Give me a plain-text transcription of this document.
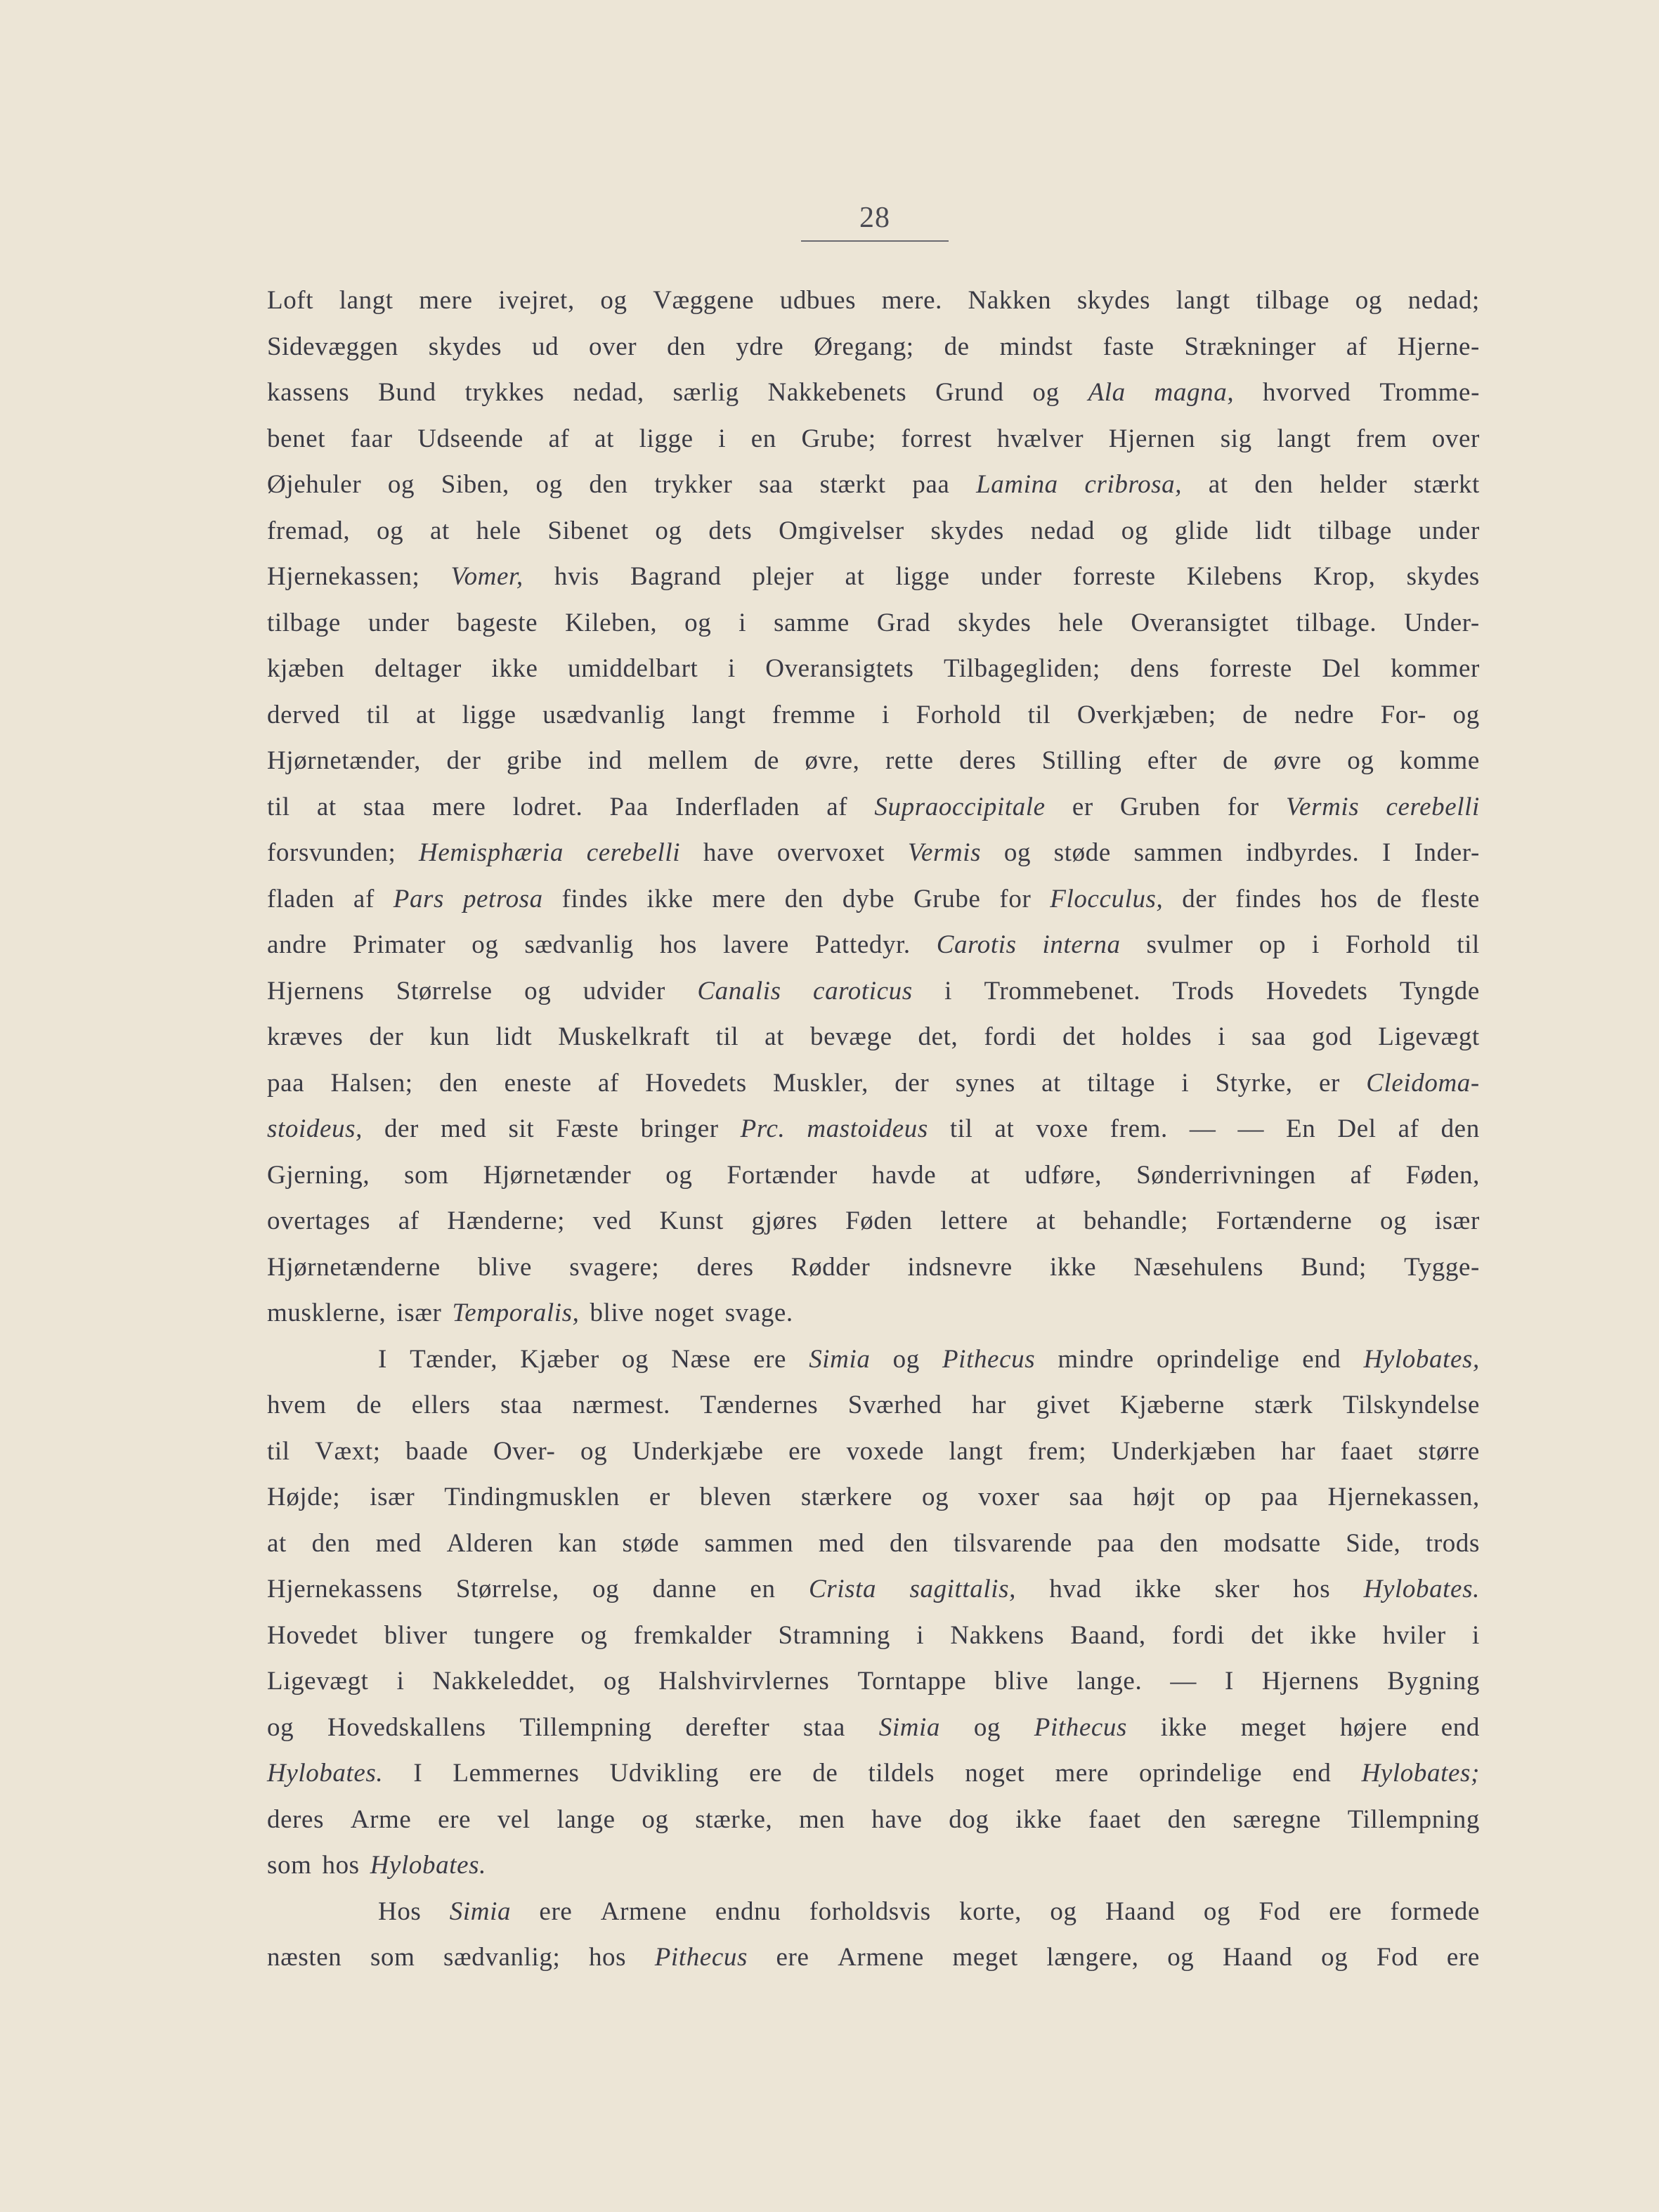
28
Loft langt mere ivejret, og Væggene udbues mere. Nakken skydes langt tilbage og nedad;
Sidevæggen skydes ud over den ydre Øregang; de mindst faste Strækninger af Hjerne-
kassens Bund trykkes nedad, særlig Nakkebenets Grund og Ala magna, hvorved Tromme-
benet faar Udseende af at ligge i en Grube; forrest hvælver Hjernen sig langt frem over
Øjehuler og Siben, og den trykker saa stærkt paa Lamina cribrosa, at den helder stærkt
fremad, og at hele Sibenet og dets Omgivelser skydes nedad og glide lidt tilbage under
Hjernekassen; Vomer, hvis Bagrand plejer at ligge under forreste Kilebens Krop, skydes
tilbage under bageste Kileben, og i samme Grad skydes hele Overansigtet tilbage. Under-
kjæben deltager ikke umiddelbart i Overansigtets Tilbagegliden; dens forreste Del kommer
derved til at ligge usædvanlig langt fremme i Forhold til Overkjæben; de nedre For- og
Hjørnetænder, der gribe ind mellem de øvre, rette deres Stilling efter de øvre og komme
til at staa mere lodret. Paa Inderfladen af Supraoccipitale er Gruben for Vermis cerebelli
forsvunden; Hemisphæria cerebelli have overvoxet Vermis og støde sammen indbyrdes. I Inder-
fladen af Pars petrosa findes ikke mere den dybe Grube for Flocculus, der findes hos de fleste
andre Primater og sædvanlig hos lavere Pattedyr. Carotis interna svulmer op i Forhold til
Hjernens Størrelse og udvider Canalis caroticus i Trommebenet. Trods Hovedets Tyngde
kræves der kun lidt Muskelkraft til at bevæge det, fordi det holdes i saa god Ligevægt
paa Halsen; den eneste af Hovedets Muskler, der synes at tiltage i Styrke, er Cleidoma-
stoideus, der med sit Fæste bringer Prc. mastoideus til at voxe frem. — — En Del af den
Gjerning, som Hjørnetænder og Fortænder havde at udføre, Sønderrivningen af Føden,
overtages af Hænderne; ved Kunst gjøres Føden lettere at behandle; Fortænderne og især
Hjørnetænderne blive svagere; deres Rødder indsnevre ikke Næsehulens Bund; Tygge-
musklerne, især Temporalis, blive noget svage.
I Tænder, Kjæber og Næse ere Simia og Pithecus mindre oprindelige end Hylobates,
hvem de ellers staa nærmest. Tændernes Sværhed har givet Kjæberne stærk Tilskyndelse
til Væxt; baade Over- og Underkjæbe ere voxede langt frem; Underkjæben har faaet større
Højde; især Tindingmusklen er bleven stærkere og voxer saa højt op paa Hjernekassen,
at den med Alderen kan støde sammen med den tilsvarende paa den modsatte Side, trods
Hjernekassens Størrelse, og danne en Crista sagittalis, hvad ikke sker hos Hylobates.
Hovedet bliver tungere og fremkalder Stramning i Nakkens Baand, fordi det ikke hviler i
Ligevægt i Nakkeleddet, og Halshvirvlernes Torntappe blive lange. — I Hjernens Bygning
og Hovedskallens Tillempning derefter staa Simia og Pithecus ikke meget højere end
Hylobates. I Lemmernes Udvikling ere de tildels noget mere oprindelige end Hylobates;
deres Arme ere vel lange og stærke, men have dog ikke faaet den særegne Tillempning
som hos Hylobates.
Hos Simia ere Armene endnu forholdsvis korte, og Haand og Fod ere formede
næsten som sædvanlig; hos Pithecus ere Armene meget længere, og Haand og Fod ere
